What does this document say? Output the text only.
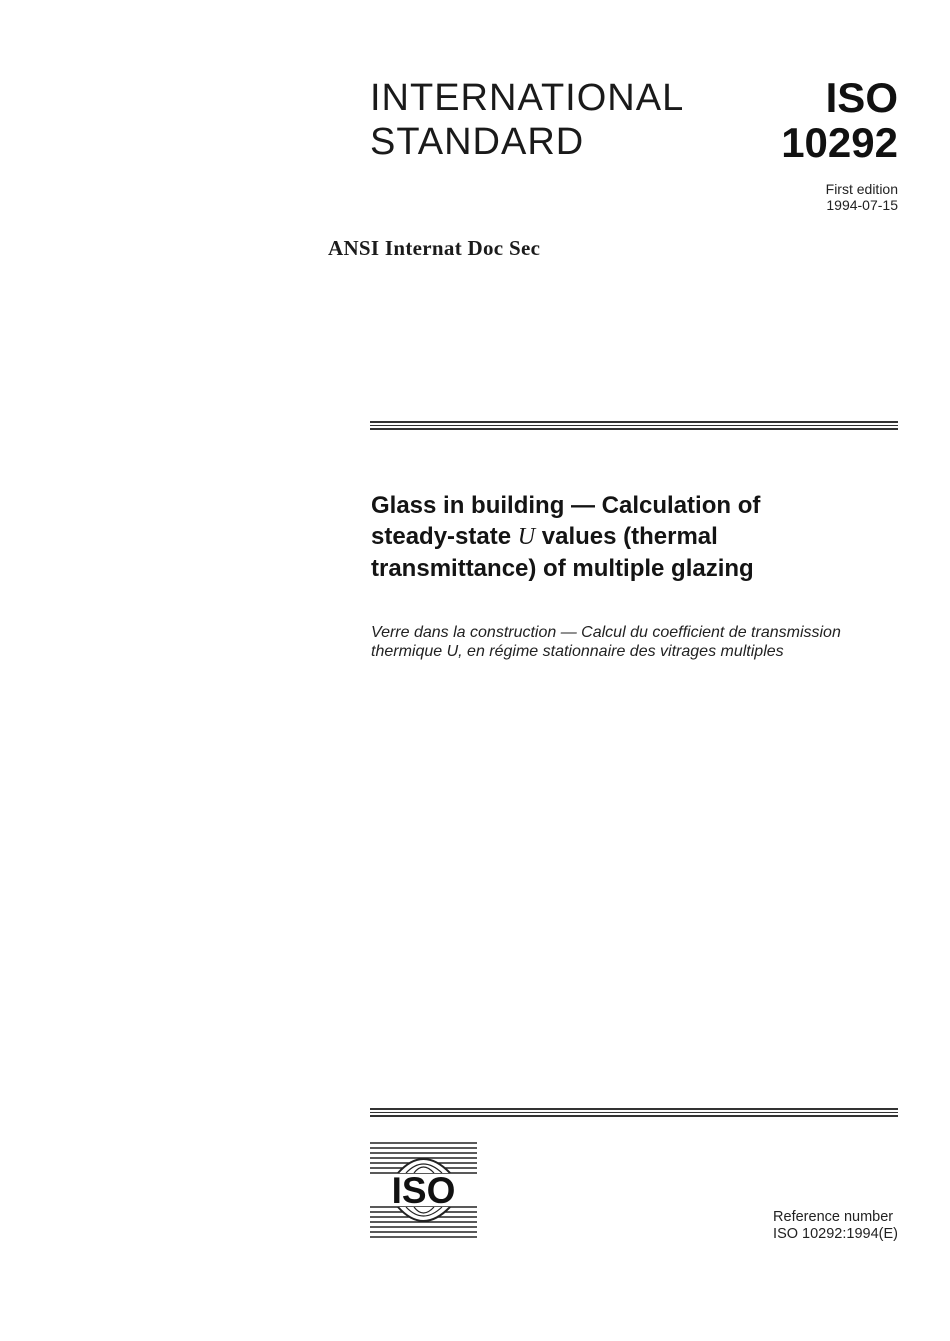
INTERNATIONAL
STANDARD
ISO
10292
First edition
1994-07-15
ANSI Internat Doc Sec
Glass in building — Calculation of
steady-state U values (thermal
transmittance) of multiple glazing
Verre dans la construction — Calcul du coefficient de transmission
thermique U, en régime stationnaire des vitrages multiples
ISO
Reference number
ISO 10292:1994(E)
